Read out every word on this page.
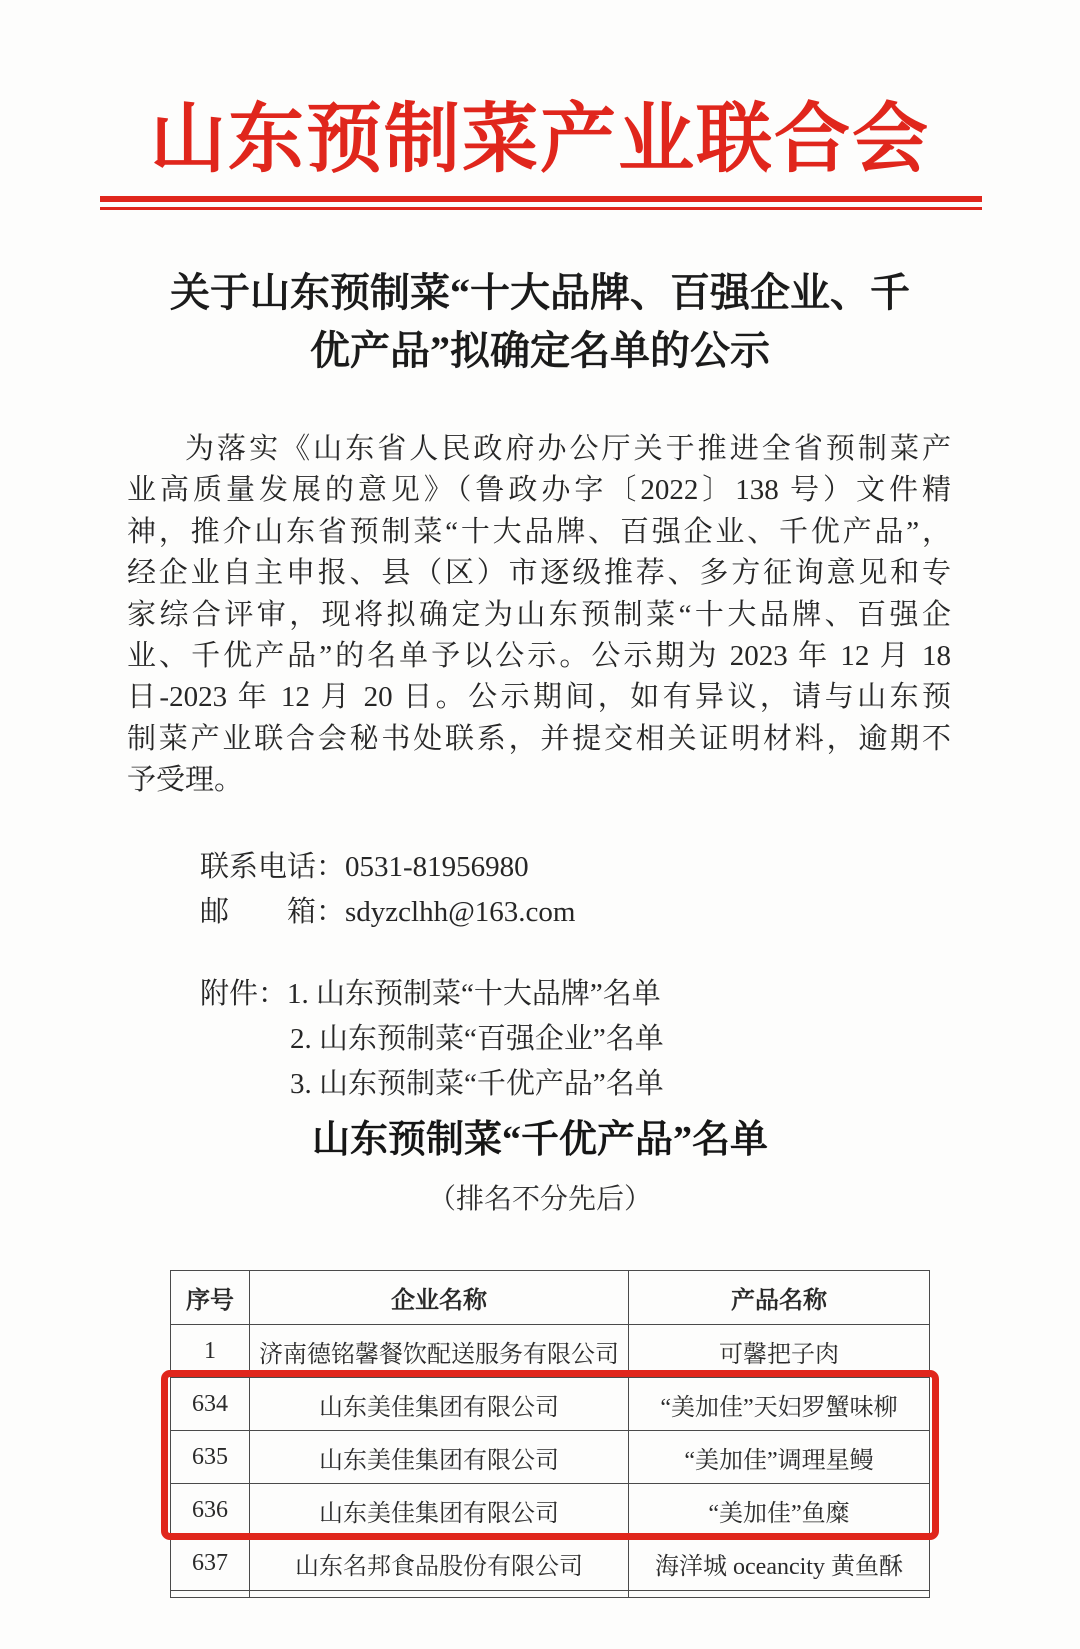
山东预制菜产业联合会
关于山东预制菜“十大品牌、百强企业、千
优产品”拟确定名单的公示
为落实《山东省人民政府办公厅关于推进全省预制菜产
业高质量发展的意见》（鲁政办字〔2022〕138 号）文件精
神，推介山东省预制菜“十大品牌、百强企业、千优产品”，
经企业自主申报、县（区）市逐级推荐、多方征询意见和专
家综合评审，现将拟确定为山东预制菜“十大品牌、百强企
业、千优产品”的名单予以公示。公示期为 2023 年 12 月 18
日-2023 年 12 月 20 日。公示期间，如有异议，请与山东预
制菜产业联合会秘书处联系，并提交相关证明材料，逾期不
予受理。
联系电话：0531-81956980
邮　　箱：sdyzclhh@163.com
附件： 1. 山东预制菜“十大品牌”名单
2. 山东预制菜“百强企业”名单
3. 山东预制菜“千优产品”名单
山东预制菜“千优产品”名单
（排名不分先后）
序号	企业名称	产品名称
1	济南德铭馨餐饮配送服务有限公司	可馨把子肉
634	山东美佳集团有限公司	“美加佳”天妇罗蟹味柳
635	山东美佳集团有限公司	“美加佳”调理星鳗
636	山东美佳集团有限公司	“美加佳”鱼糜
637	山东名邦食品股份有限公司	海洋城 oceancity 黄鱼酥
